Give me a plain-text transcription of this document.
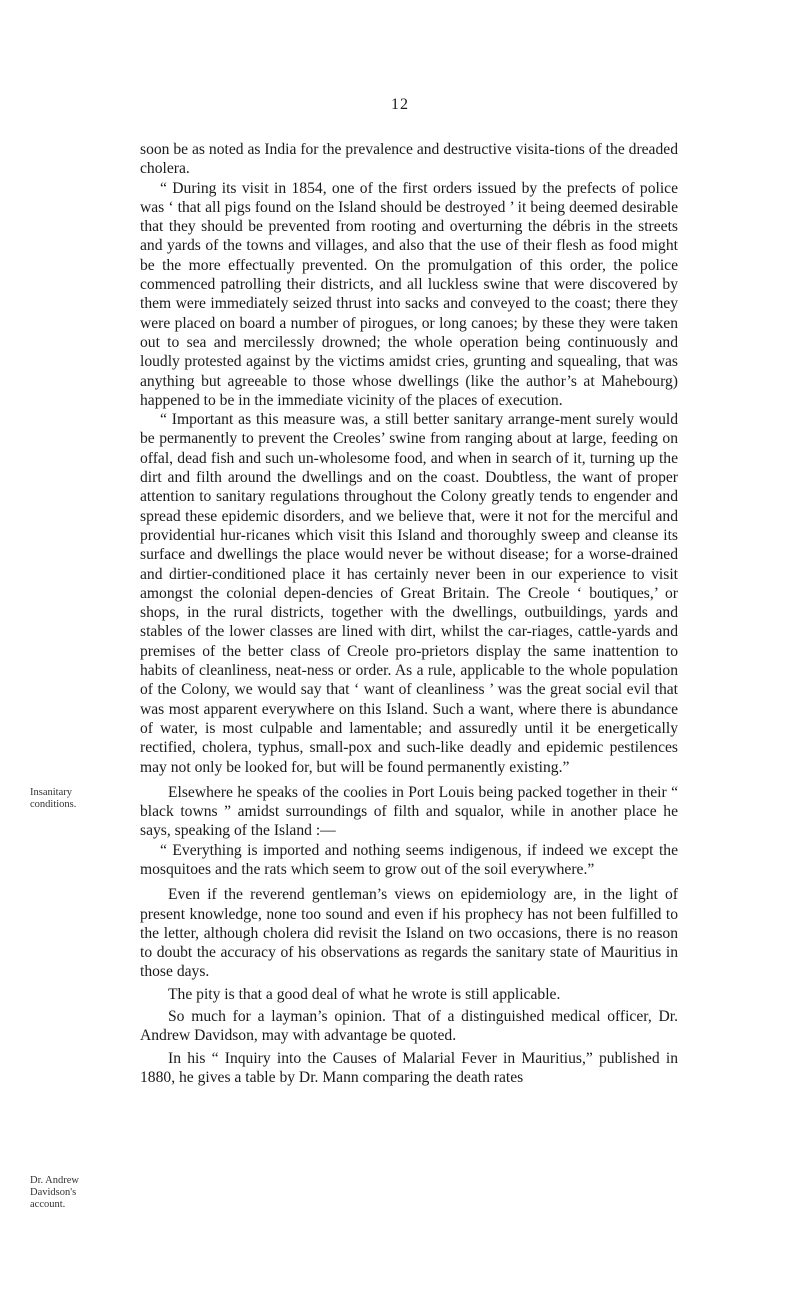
12
Insanitary conditions.
Dr. Andrew Davidson's account.

soon be as noted as India for the prevalence and destructive visita-tions of the dreaded cholera.

“ During its visit in 1854, one of the first orders issued by the prefects of police was ‘ that all pigs found on the Island should be destroyed ’ it being deemed desirable that they should be prevented from rooting and overturning the débris in the streets and yards of the towns and villages, and also that the use of their flesh as food might be the more effectually prevented. On the promulgation of this order, the police commenced patrolling their districts, and all luckless swine that were discovered by them were immediately seized thrust into sacks and conveyed to the coast; there they were placed on board a number of pirogues, or long canoes; by these they were taken out to sea and mercilessly drowned; the whole operation being continuously and loudly protested against by the victims amidst cries, grunting and squealing, that was anything but agreeable to those whose dwellings (like the author’s at Mahebourg) happened to be in the immediate vicinity of the places of execution.

“ Important as this measure was, a still better sanitary arrange-ment surely would be permanently to prevent the Creoles’ swine from ranging about at large, feeding on offal, dead fish and such un-wholesome food, and when in search of it, turning up the dirt and filth around the dwellings and on the coast. Doubtless, the want of proper attention to sanitary regulations throughout the Colony greatly tends to engender and spread these epidemic disorders, and we believe that, were it not for the merciful and providential hur-ricanes which visit this Island and thoroughly sweep and cleanse its surface and dwellings the place would never be without disease; for a worse-drained and dirtier-conditioned place it has certainly never been in our experience to visit amongst the colonial depen-dencies of Great Britain. The Creole ‘ boutiques,’ or shops, in the rural districts, together with the dwellings, outbuildings, yards and stables of the lower classes are lined with dirt, whilst the car-riages, cattle-yards and premises of the better class of Creole pro-prietors display the same inattention to habits of cleanliness, neat-ness or order. As a rule, applicable to the whole population of the Colony, we would say that ‘ want of cleanliness ’ was the great social evil that was most apparent everywhere on this Island. Such a want, where there is abundance of water, is most culpable and lamentable; and assuredly until it be energetically rectified, cholera, typhus, small-pox and such-like deadly and epidemic pestilences may not only be looked for, but will be found permanently existing.”

Elsewhere he speaks of the coolies in Port Louis being packed together in their “ black towns ” amidst surroundings of filth and squalor, while in another place he says, speaking of the Island :—

“ Everything is imported and nothing seems indigenous, if indeed we except the mosquitoes and the rats which seem to grow out of the soil everywhere.”

Even if the reverend gentleman’s views on epidemiology are, in the light of present knowledge, none too sound and even if his prophecy has not been fulfilled to the letter, although cholera did revisit the Island on two occasions, there is no reason to doubt the accuracy of his observations as regards the sanitary state of Mauritius in those days.

The pity is that a good deal of what he wrote is still applicable.

So much for a layman’s opinion. That of a distinguished medical officer, Dr. Andrew Davidson, may with advantage be quoted.

In his “ Inquiry into the Causes of Malarial Fever in Mauritius,” published in 1880, he gives a table by Dr. Mann comparing the death rates
